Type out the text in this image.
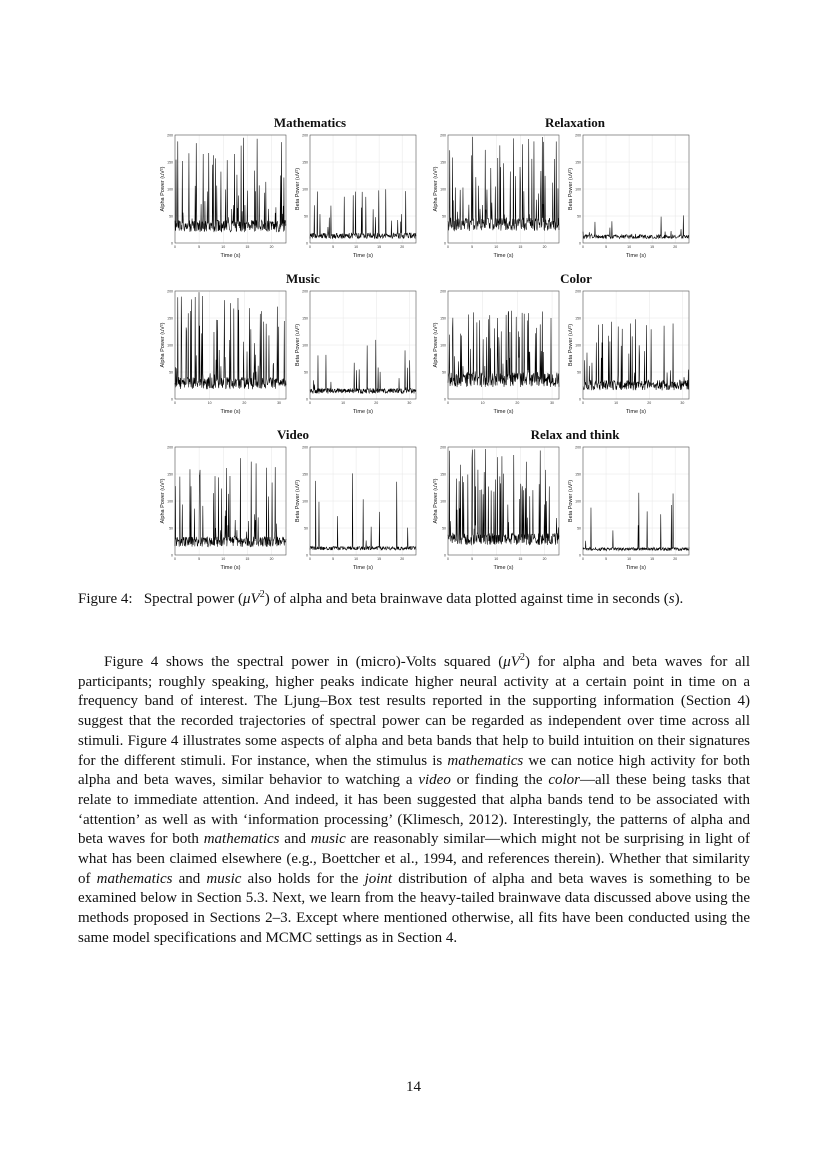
Mathematics	Relaxation
Music	Color
Video	Relax and think
0
50
100
150
200
0	5	10	15	20
Time (s)
Alpha Power (uV²)
0
50
100
150
200
0	5	10	15	20
Time (s)
Beta Power (uV²)
0
50
100
150
200
0	5	10	15	20
Time (s)
Alpha Power (uV²)
0
50
100
150
200
0	5	10	15	20
Time (s)
Beta Power (uV²)
0
50
100
150
200
0	10	20	30
Time (s)
Alpha Power (uV²)
0
50
100
150
200
0	10	20	30
Time (s)
Beta Power (uV²)
0
50
100
150
200
0	10	20	30
Time (s)
Alpha Power (uV²)
0
50
100
150
200
0	10	20	30
Time (s)
Beta Power (uV²)
0
50
100
150
200
0	5	10	15	20
Time (s)
Alpha Power (uV²)
0
50
100
150
200
0	5	10	15	20
Time (s)
Beta Power (uV²)
0
50
100
150
200
0	5	10	15	20
Time (s)
Alpha Power (uV²)
0
50
100
150
200
0	5	10	15	20
Time (s)
Beta Power (uV²)
Figure 4: Spectral power $(\mu V^2)$ of alpha and beta brainwave data plotted against time in seconds (s).

Figure 4 shows the spectral power in (micro)-Volts squared $(\mu V^2)$ for alpha and beta waves for all participants; roughly speaking, higher peaks indicate higher neural activity at a certain point in time on a frequency band of interest. The Ljung–Box test results reported in the supporting information (Section 4) suggest that the recorded trajectories of spectral power can be regarded as independent over time across all stimuli. Figure 4 illustrates some aspects of alpha and beta bands that help to build intuition on their signatures for the different stimuli. For instance, when the stimulus is mathematics we can notice high activity for both alpha and beta waves, similar behavior to watching a video or finding the color—all these being tasks that relate to immediate attention. And indeed, it has been suggested that alpha bands tend to be associated with ‘attention’ as well as with ‘information processing’ (Klimesch, 2012). Interestingly, the patterns of alpha and beta waves for both mathematics and music are reasonably similar—which might not be surprising in light of what has been claimed elsewhere (e.g., Boettcher et al., 1994, and references therein). Whether that similarity of mathematics and music also holds for the joint distribution of alpha and beta waves is something to be examined below in Section 5.3. Next, we learn from the heavy-tailed brainwave data discussed above using the methods proposed in Sections 2–3. Except where mentioned otherwise, all fits have been conducted using the same model specifications and MCMC settings as in Section 4.

14
